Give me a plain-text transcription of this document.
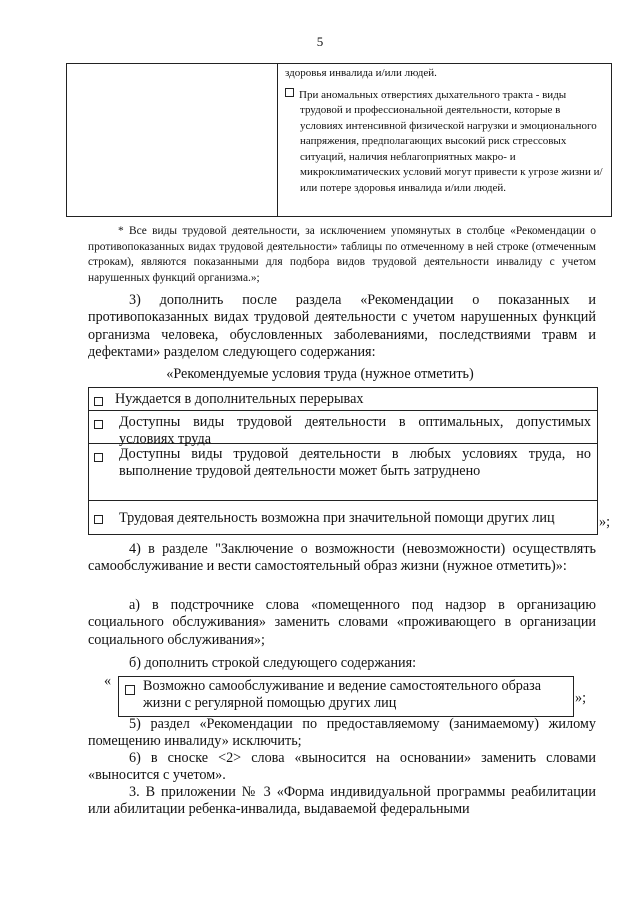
5

здоровья инвалида и/или людей.

При аномальных отверстиях дыхательного тракта - виды трудовой и профессиональной деятельности, которые в условиях интенсивной физической нагрузки и эмоционального напряжения, предполагающих высокий риск стрессовых ситуаций, наличия неблагоприятных макро- и микроклиматических условий могут привести к угрозе жизни и/или потере здоровья инвалида и/или людей.

* Все виды трудовой деятельности, за исключением упомянутых в столбце «Рекомендации о противопоказанных видах трудовой деятельности» таблицы по отмеченному в ней строке (отмеченным строкам), являются показанными для подбора видов трудовой деятельности инвалиду с учетом нарушенных функций организма.»;

3) дополнить после раздела «Рекомендации о показанных и противопоказанных видах трудовой деятельности с учетом нарушенных функций организма человека, обусловленных заболеваниями, последствиями травм и дефектами» разделом следующего содержания:

«Рекомендуемые условия труда (нужное отметить)
Нуждается в дополнительных перерывах
Доступны виды трудовой деятельности в оптимальных, допустимых условиях труда
Доступны виды трудовой деятельности в любых условиях труда, но выполнение трудовой деятельности может быть затруднено
Трудовая деятельность возможна при значительной помощи других лиц	»;

4) в разделе "Заключение о возможности (невозможности) осуществлять самообслуживание и вести самостоятельный образ жизни (нужное отметить)»:

а) в подстрочнике слова «помещенного под надзор в организацию социального обслуживания» заменить словами «проживающего в организации социального обслуживания»;

б) дополнить строкой следующего содержания:

« Возможно самообслуживание и ведение самостоятельного образа жизни с регулярной помощью других лиц	»;

5) раздел «Рекомендации по предоставляемому (занимаемому) жилому помещению инвалиду» исключить;

6) в сноске <2> слова «выносится на основании» заменить словами «выносится с учетом».

3. В приложении № 3 «Форма индивидуальной программы реабилитации или абилитации ребенка-инвалида, выдаваемой федеральными
